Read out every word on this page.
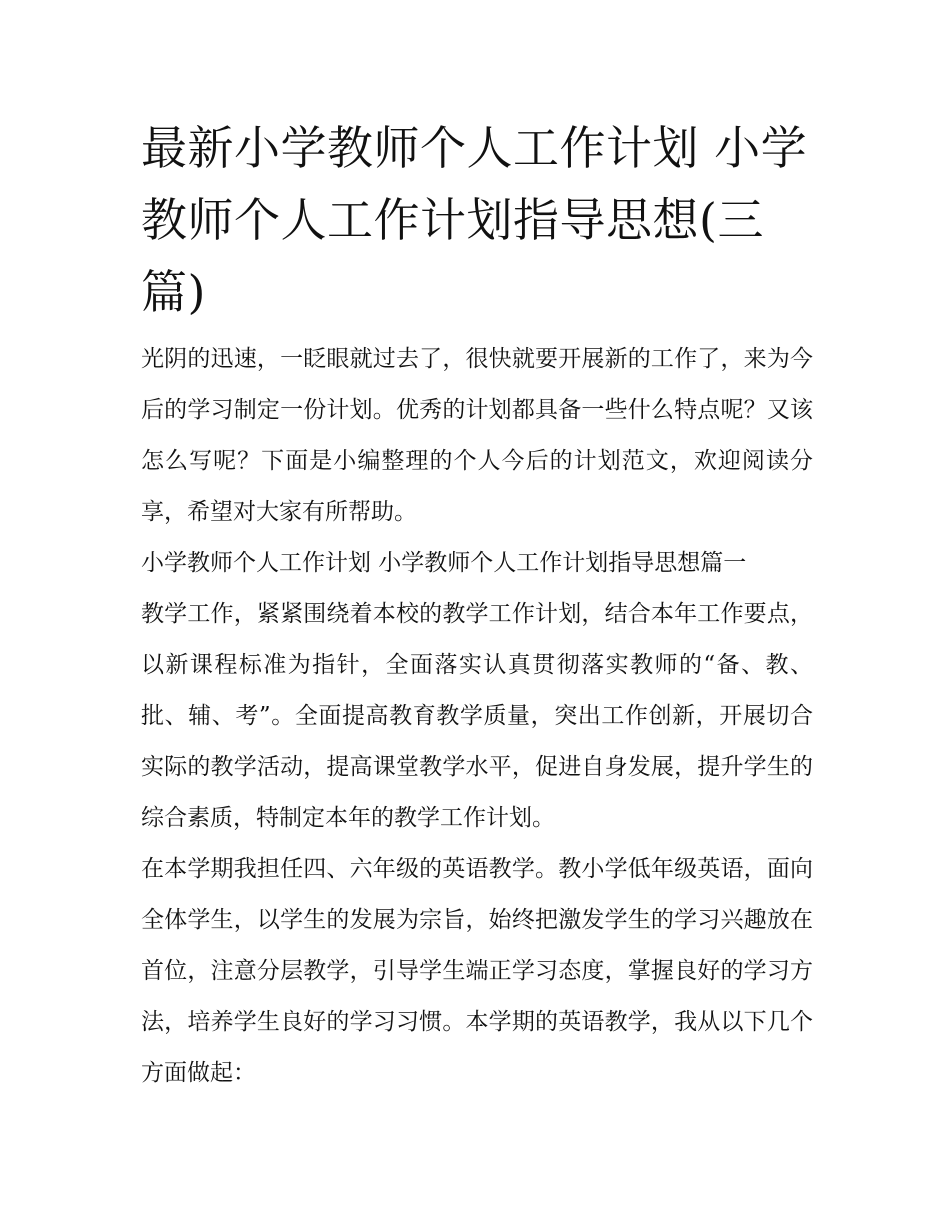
最新小学教师个人工作计划 小学教师个人工作计划指导思想(三篇)

光阴的迅速，一眨眼就过去了，很快就要开展新的工作了，来为今后的学习制定一份计划。优秀的计划都具备一些什么特点呢？又该怎么写呢？下面是小编整理的个人今后的计划范文，欢迎阅读分享，希望对大家有所帮助。

小学教师个人工作计划 小学教师个人工作计划指导思想篇一

教学工作，紧紧围绕着本校的教学工作计划，结合本年工作要点，以新课程标准为指针，全面落实认真贯彻落实教师的“备、教、批、辅、考”。全面提高教育教学质量，突出工作创新，开展切合实际的教学活动，提高课堂教学水平，促进自身发展，提升学生的综合素质，特制定本年的教学工作计划。

在本学期我担任四、六年级的英语教学。教小学低年级英语，面向全体学生，以学生的发展为宗旨，始终把激发学生的学习兴趣放在首位，注意分层教学，引导学生端正学习态度，掌握良好的学习方法，培养学生良好的学习习惯。本学期的英语教学，我从以下几个方面做起：
